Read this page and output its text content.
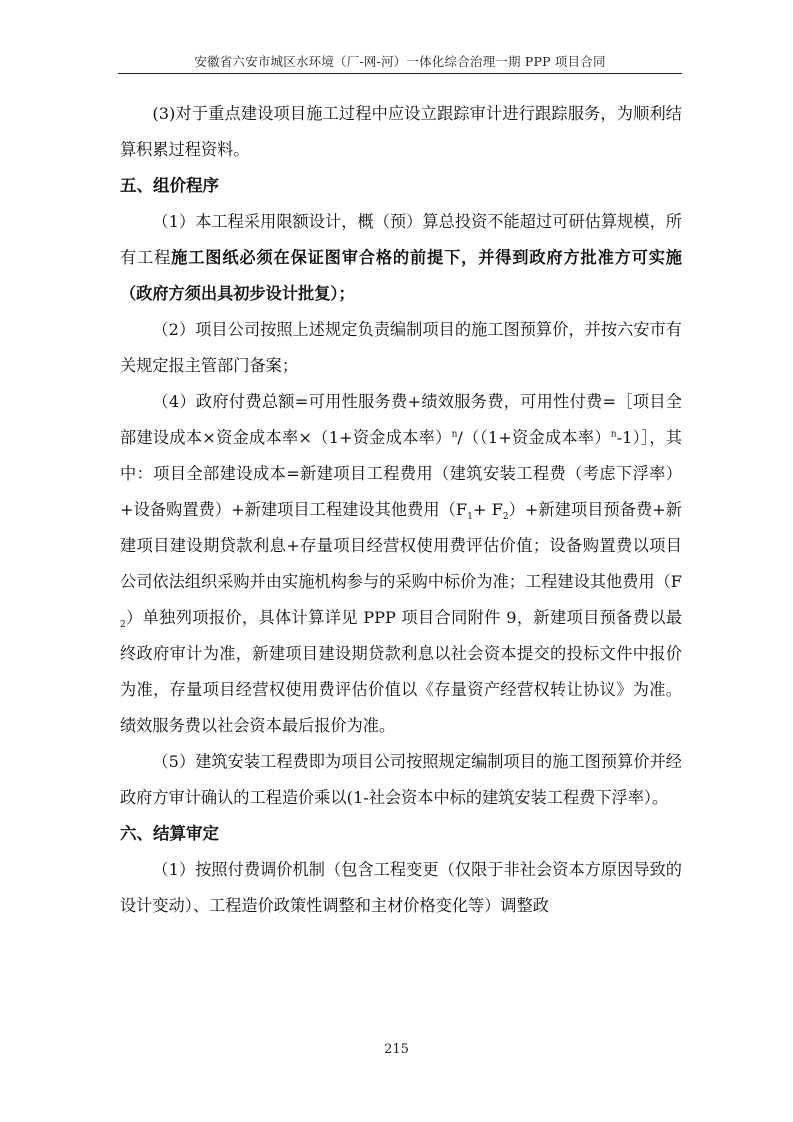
安徽省六安市城区水环境（厂-网-河）一体化综合治理一期 PPP 项目合同

(3)对于重点建设项目施工过程中应设立跟踪审计进行跟踪服务，为顺利结算积累过程资料。

五、组价程序

（1）本工程采用限额设计，概（预）算总投资不能超过可研估算规模，所有工程施工图纸必须在保证图审合格的前提下，并得到政府方批准方可实施（政府方须出具初步设计批复）；

（2）项目公司按照上述规定负责编制项目的施工图预算价，并按六安市有关规定报主管部门备案；

（4）政府付费总额=可用性服务费+绩效服务费，可用性付费=［项目全部建设成本×资金成本率×（1+资金成本率）$^n$/（（1+资金成本率）$^n$-1）］，其中：项目全部建设成本=新建项目工程费用（建筑安装工程费（考虑下浮率）+设备购置费）+新建项目工程建设其他费用$(F_1+ F_2)+$新建项目预备费+新建项目建设期贷款利息+存量项目经营权使用费评估价值；设备购置费以项目公司依法组织采购并由实施机构参与的采购中标价为准；工程建设其他费用$(F_2)$单独列项报价，具体计算详见 PPP 项目合同附件 9，新建项目预备费以最终政府审计为准，新建项目建设期贷款利息以社会资本提交的投标文件中报价为准，存量项目经营权使用费评估价值以《存量资产经营权转让协议》为准。绩效服务费以社会资本最后报价为准。

（5）建筑安装工程费即为项目公司按照规定编制项目的施工图预算价并经政府方审计确认的工程造价乘以(1-社会资本中标的建筑安装工程费下浮率）。

六、结算审定

（1）按照付费调价机制（包含工程变更（仅限于非社会资本方原因导致的设计变动）、工程造价政策性调整和主材价格变化等）调整政

215
